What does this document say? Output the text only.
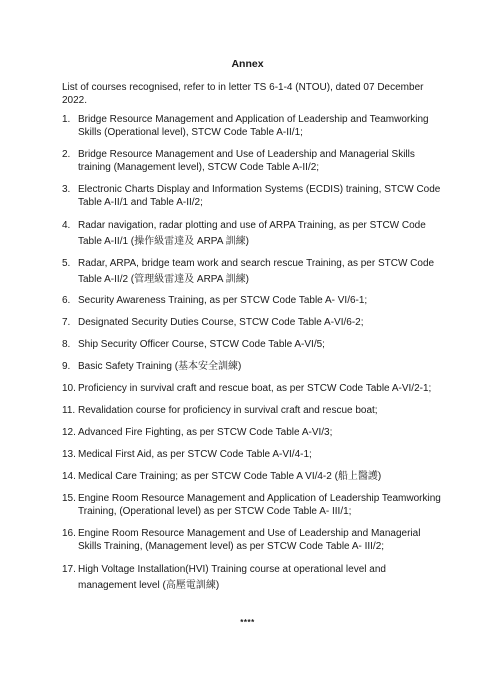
Annex
List of courses recognised, refer to in letter TS 6-1-4 (NTOU), dated 07 December 2022.
1. Bridge Resource Management and Application of Leadership and Teamworking Skills (Operational level), STCW Code Table A-II/1;
2. Bridge Resource Management and Use of Leadership and Managerial Skills training (Management level), STCW Code Table A-II/2;
3. Electronic Charts Display and Information Systems (ECDIS) training, STCW Code Table A-II/1 and Table A-II/2;
4. Radar navigation, radar plotting and use of ARPA Training, as per STCW Code Table A-II/1 (操作級雷達及 ARPA 訓練)
5. Radar, ARPA, bridge team work and search rescue Training, as per STCW Code Table A-II/2 (管理級雷達及 ARPA 訓練)
6. Security Awareness Training, as per STCW Code Table A- VI/6-1;
7. Designated Security Duties Course, STCW Code Table A-VI/6-2;
8. Ship Security Officer Course, STCW Code Table A-VI/5;
9. Basic Safety Training (基本安全訓練)
10. Proficiency in survival craft and rescue boat, as per STCW Code Table A-VI/2-1;
11. Revalidation course for proficiency in survival craft and rescue boat;
12. Advanced Fire Fighting, as per STCW Code Table A-VI/3;
13. Medical First Aid, as per STCW Code Table A-VI/4-1;
14. Medical Care Training; as per STCW Code Table A VI/4-2 (船上醫護)
15. Engine Room Resource Management and Application of Leadership Teamworking Training, (Operational level) as per STCW Code Table A- III/1;
16. Engine Room Resource Management and Use of Leadership and Managerial Skills Training, (Management level) as per STCW Code Table A- III/2;
17. High Voltage Installation(HVI) Training course at operational level and management level (高壓電訓練)
****
